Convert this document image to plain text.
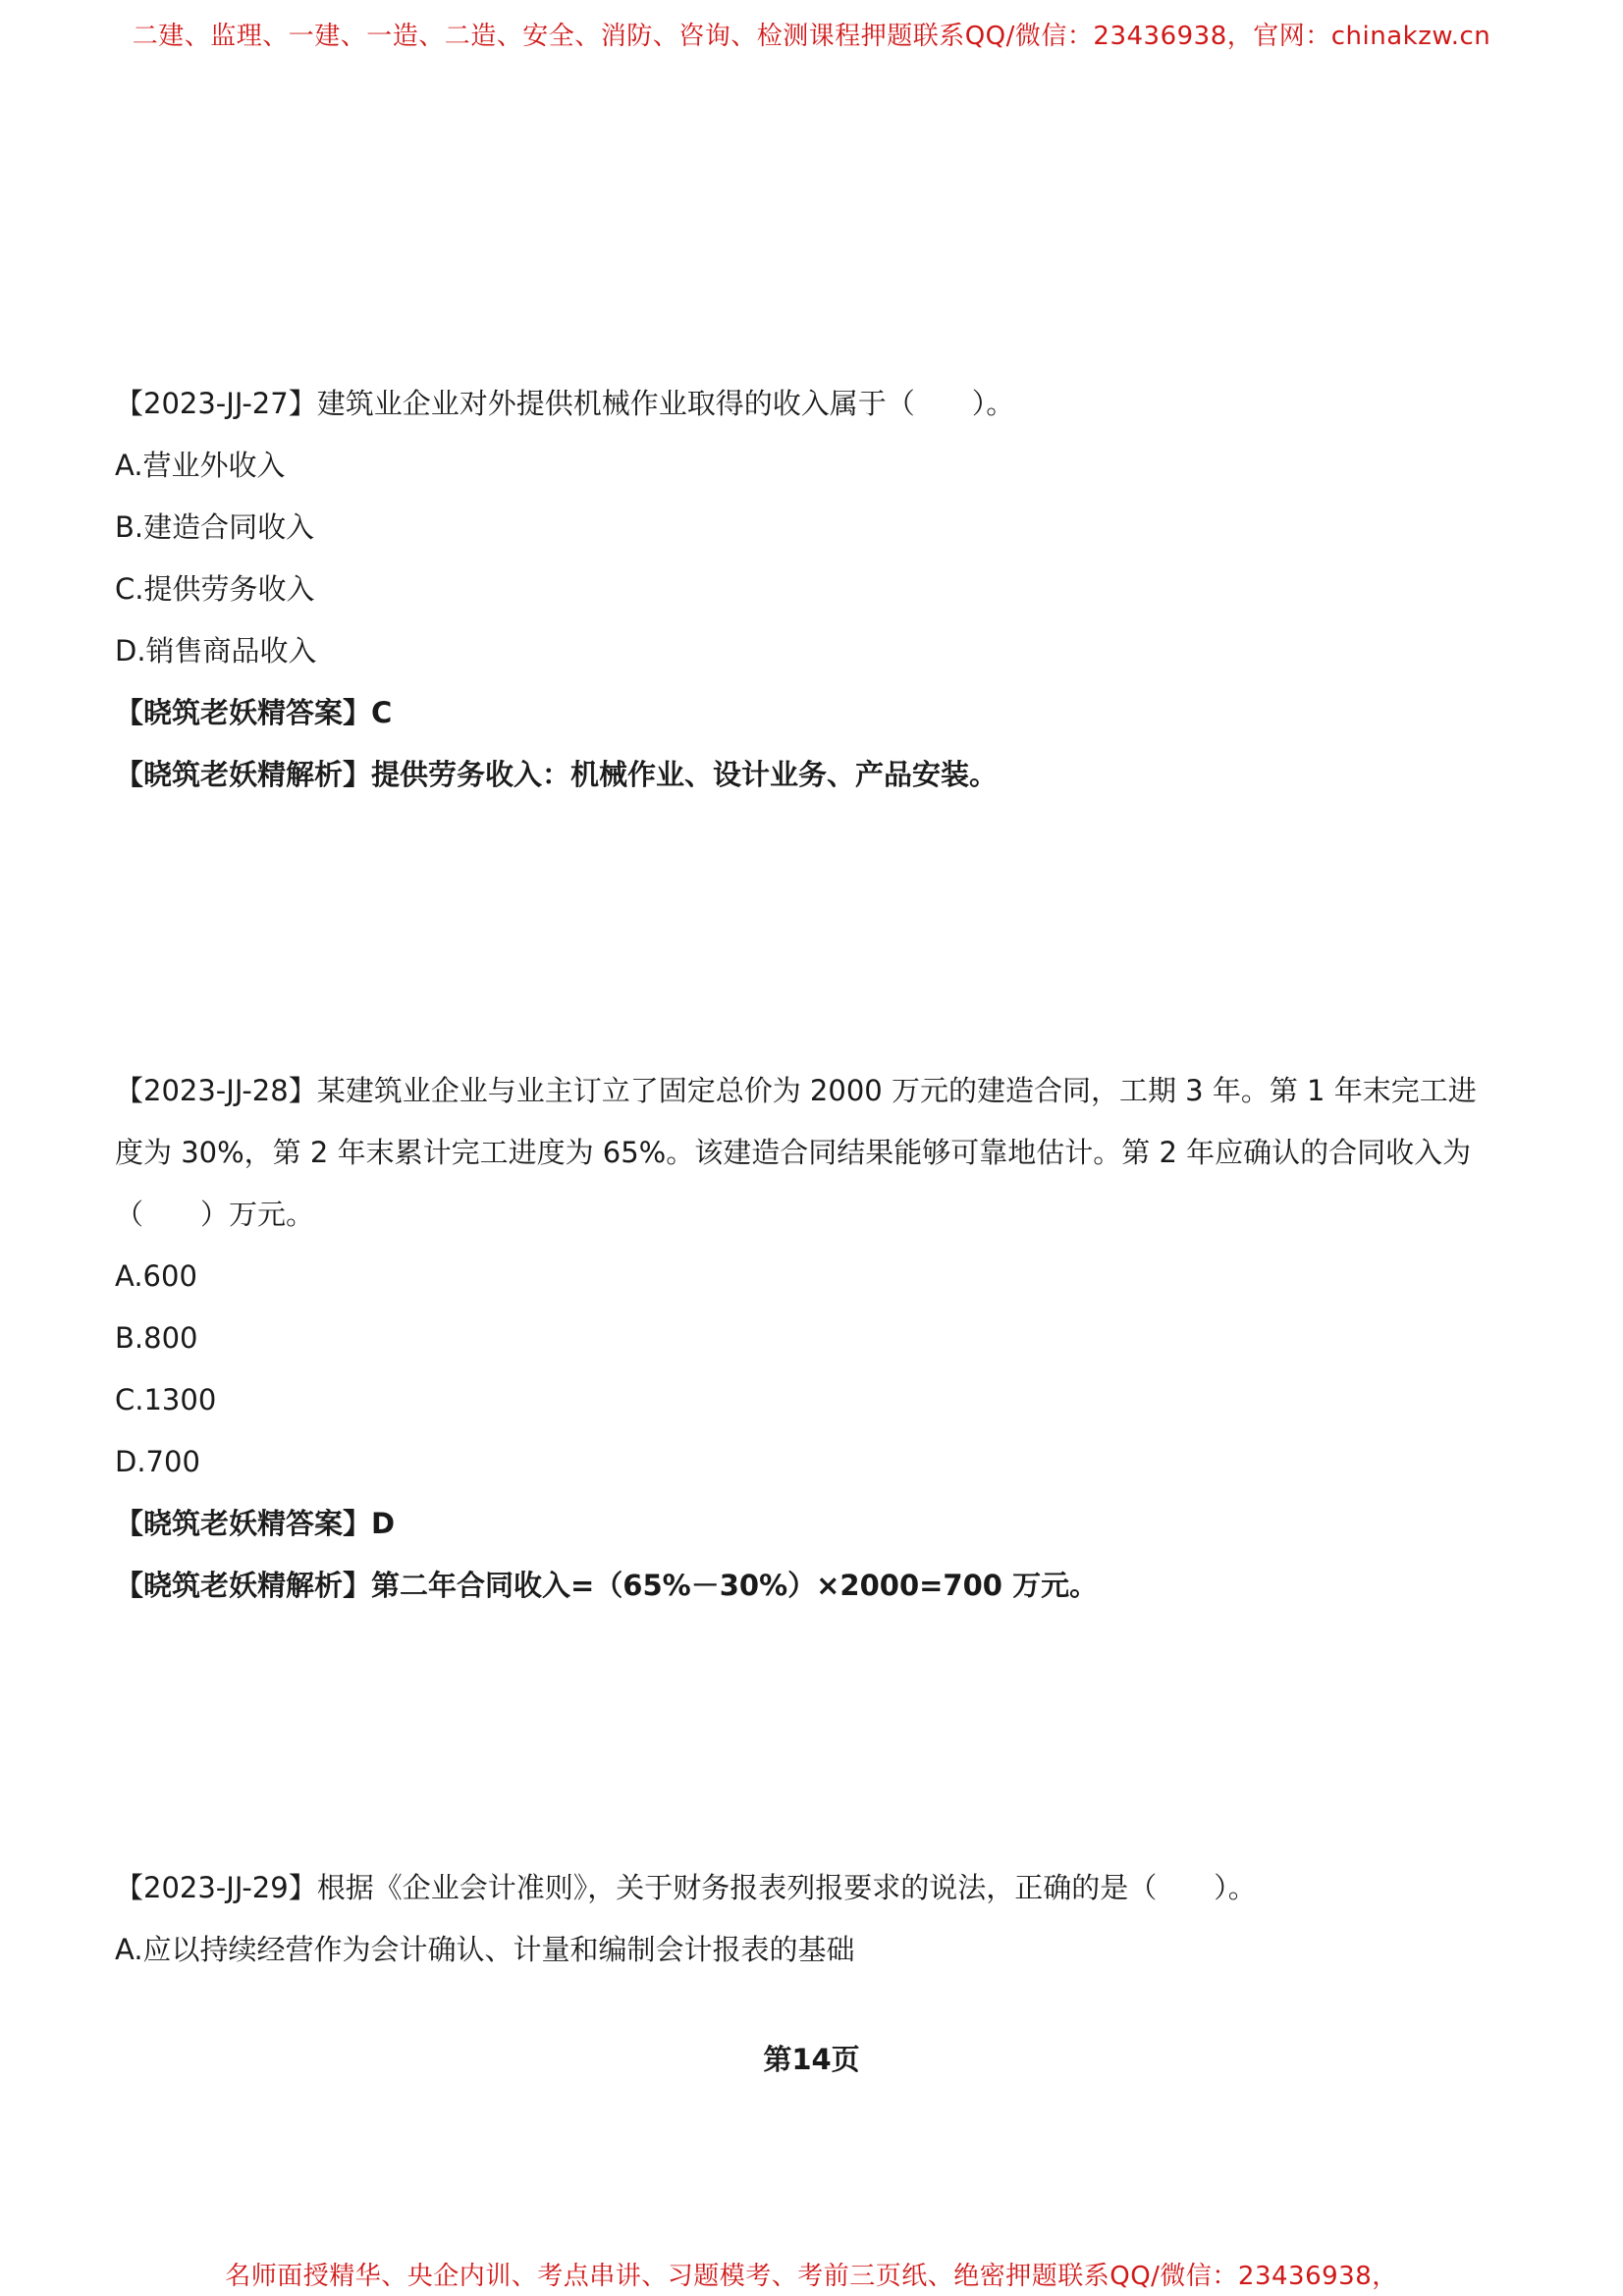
二建、监理、一建、一造、二造、安全、消防、咨询、检测课程押题联系QQ/微信：23436938，官网：chinakzw.cn
【2023-JJ-27】建筑业企业对外提供机械作业取得的收入属于（　　）。
A.营业外收入
B.建造合同收入
C.提供劳务收入
D.销售商品收入
【晓筑老妖精答案】C
【晓筑老妖精解析】提供劳务收入：机械作业、设计业务、产品安装。
【2023-JJ-28】某建筑业企业与业主订立了固定总价为 2000 万元的建造合同，工期 3 年。第 1 年末完工进
度为 30%，第 2 年末累计完工进度为 65%。该建造合同结果能够可靠地估计。第 2 年应确认的合同收入为
（　　）万元。
A.600
B.800
C.1300
D.700
【晓筑老妖精答案】D
【晓筑老妖精解析】第二年合同收入=（65%－30%）×2000=700 万元。
【2023-JJ-29】根据《企业会计准则》，关于财务报表列报要求的说法，正确的是（　　）。
A.应以持续经营作为会计确认、计量和编制会计报表的基础
第14页
名师面授精华、央企内训、考点串讲、习题模考、考前三页纸、绝密押题联系QQ/微信：23436938，
